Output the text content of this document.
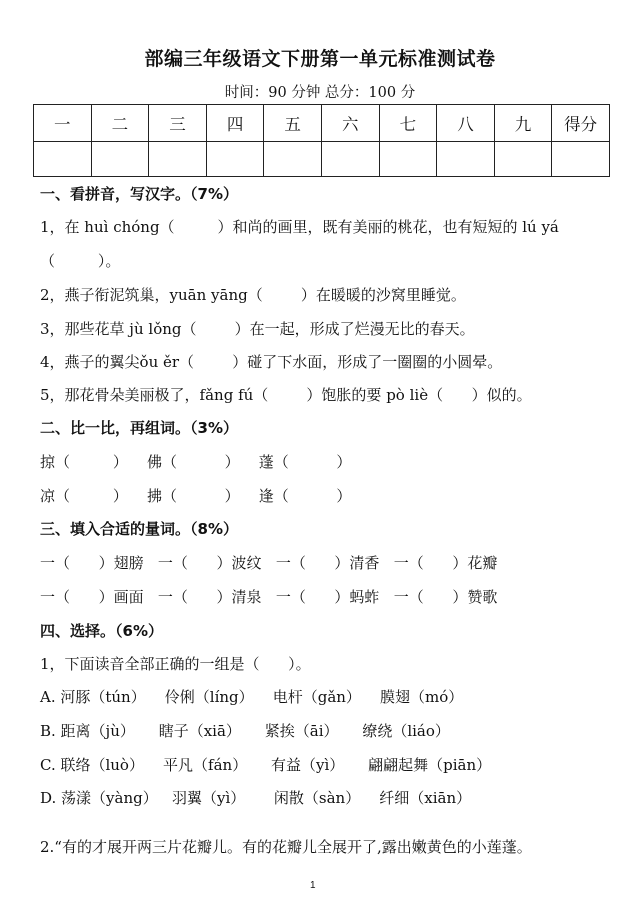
部编三年级语文下册第一单元标准测试卷
时间：90 分钟 总分：100 分
一	二	三	四	五	六	七	八	九	得分

一、看拼音，写汉字。（7%）
1，在 huì chóng（         ）和尚的画里，既有美丽的桃花，也有短短的 lú yá
（         ）。
2，燕子衔泥筑巢，yuān yāng（        ）在暖暖的沙窝里睡觉。
3，那些花草 jù lǒng（        ）在一起，形成了烂漫无比的春天。
4，燕子的翼尖ǒu ěr（        ）碰了下水面，形成了一圈圈的小圆晕。
5，那花骨朵美丽极了，fǎng fú（        ）饱胀的要 pò liè（      ）似的。
二、比一比，再组词。（3%）
掠（         ）    佛（          ）    蓬（          ）
凉（         ）    拂（          ）    逢（          ）
三、填入合适的量词。（8%）
一（      ）翅膀   一（      ）波纹   一（      ）清香   一（      ）花瓣
一（      ）画面   一（      ）清泉   一（      ）蚂蚱   一（      ）赞歌
四、选择。（6%）
1，下面读音全部正确的一组是（      ）。
A. 河豚（tún）    伶俐（líng）    电杆（gǎn）    膜翅（mó）
B. 距离（jù）     瞎子（xiā）     紧挨（āi）     缭绕（liáo）
C. 联络（luò）    平凡（fán）     有益（yì）     翩翩起舞（piān）
D. 荡漾（yàng）   羽翼（yì）      闲散（sàn）    纤细（xiān）
2.“有的才展开两三片花瓣儿。有的花瓣儿全展开了,露出嫩黄色的小莲蓬。
1
